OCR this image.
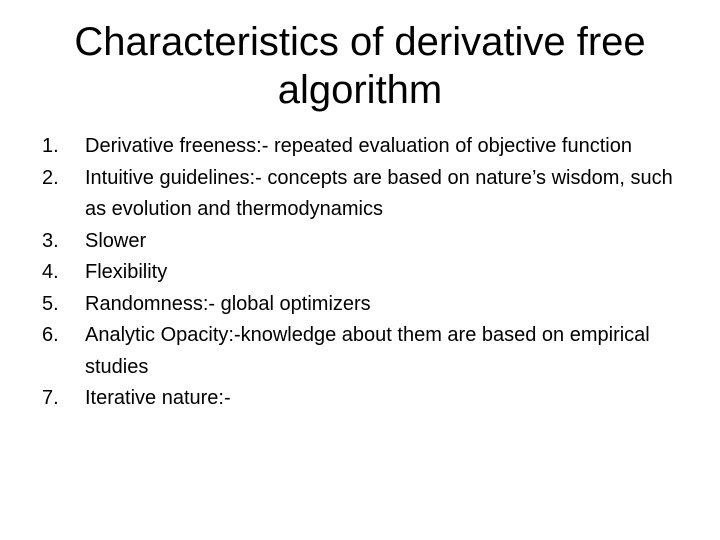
Characteristics of derivative free algorithm
1.	Derivative freeness:- repeated evaluation of objective function
2.	Intuitive guidelines:- concepts are based on nature’s wisdom, such as evolution and thermodynamics
3.	Slower
4.	Flexibility
5.	Randomness:- global optimizers
6.	Analytic Opacity:-knowledge about them are based on empirical studies
7.	Iterative nature:-
